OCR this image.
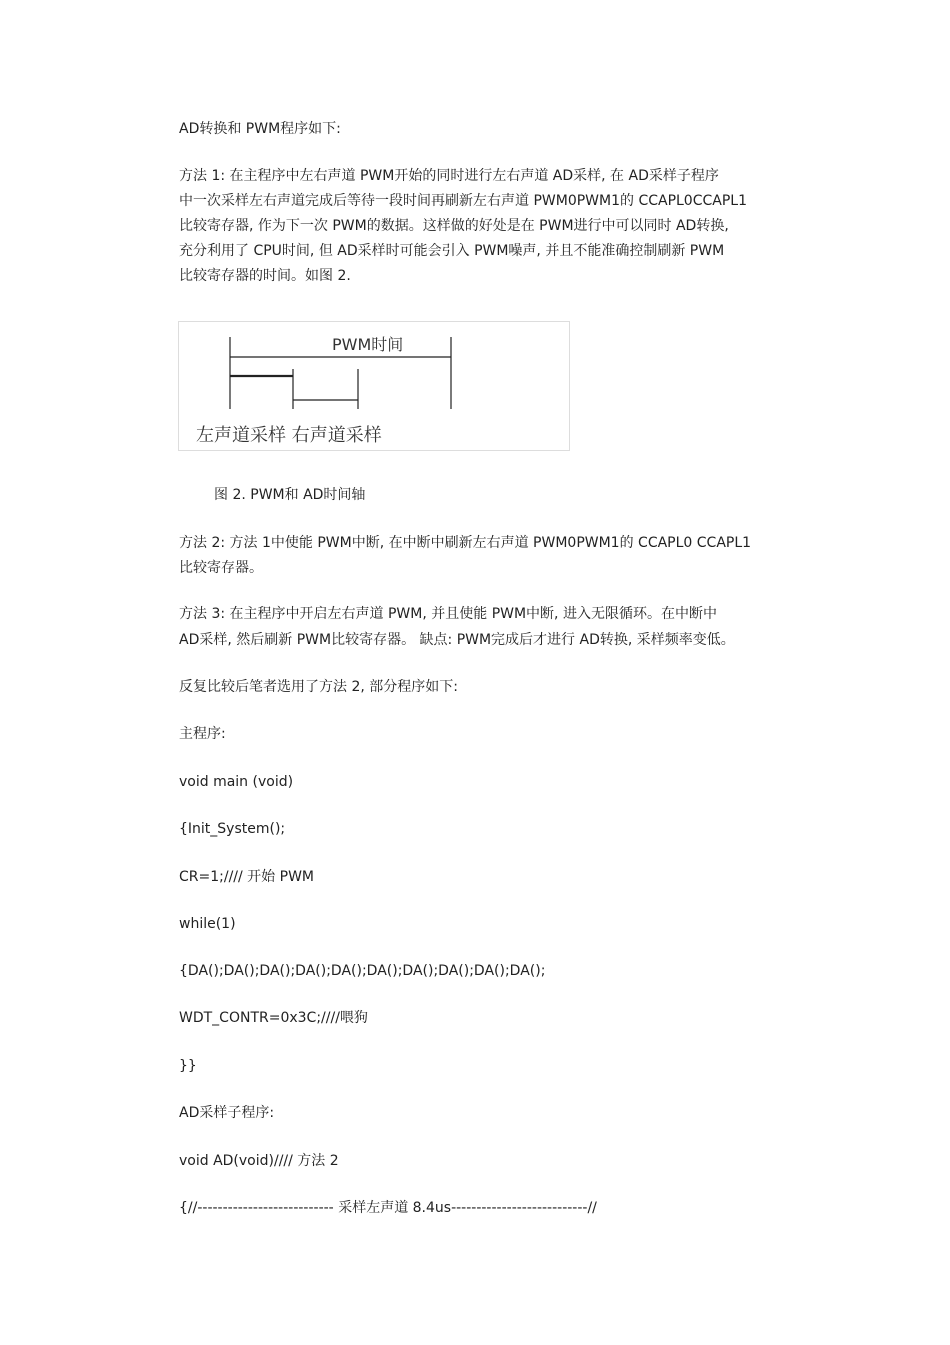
AD转换和 PWM程序如下:
方法 1: 在主程序中左右声道 PWM开始的同时进行左右声道 AD采样, 在 AD采样子程序
中一次采样左右声道完成后等待一段时间再刷新左右声道 PWM0PWM1的 CCAPL0CCAPL1
比较寄存器, 作为下一次 PWM的数据。这样做的好处是在 PWM进行中可以同时 AD转换,
充分利用了 CPU时间, 但 AD采样时可能会引入 PWM噪声, 并且不能准确控制刷新 PWM
比较寄存器的时间。如图 2.
PWM时间
左声道采样 右声道采样
图 2. PWM和 AD时间轴
方法 2: 方法 1中使能 PWM中断, 在中断中刷新左右声道 PWM0PWM1的 CCAPL0 CCAPL1
比较寄存器。
方法 3: 在主程序中开启左右声道 PWM, 并且使能 PWM中断, 进入无限循环。在中断中
AD采样, 然后刷新 PWM比较寄存器。 缺点: PWM完成后才进行 AD转换, 采样频率变低。
反复比较后笔者选用了方法 2, 部分程序如下:
主程序:
void main (void)
{Init_System();
CR=1;//// 开始 PWM
while(1)
{DA();DA();DA();DA();DA();DA();DA();DA();DA();DA();
WDT_CONTR=0x3C;////喂狗
}}
AD采样子程序:
void AD(void)//// 方法 2
{//--------------------------- 采样左声道 8.4us---------------------------//
